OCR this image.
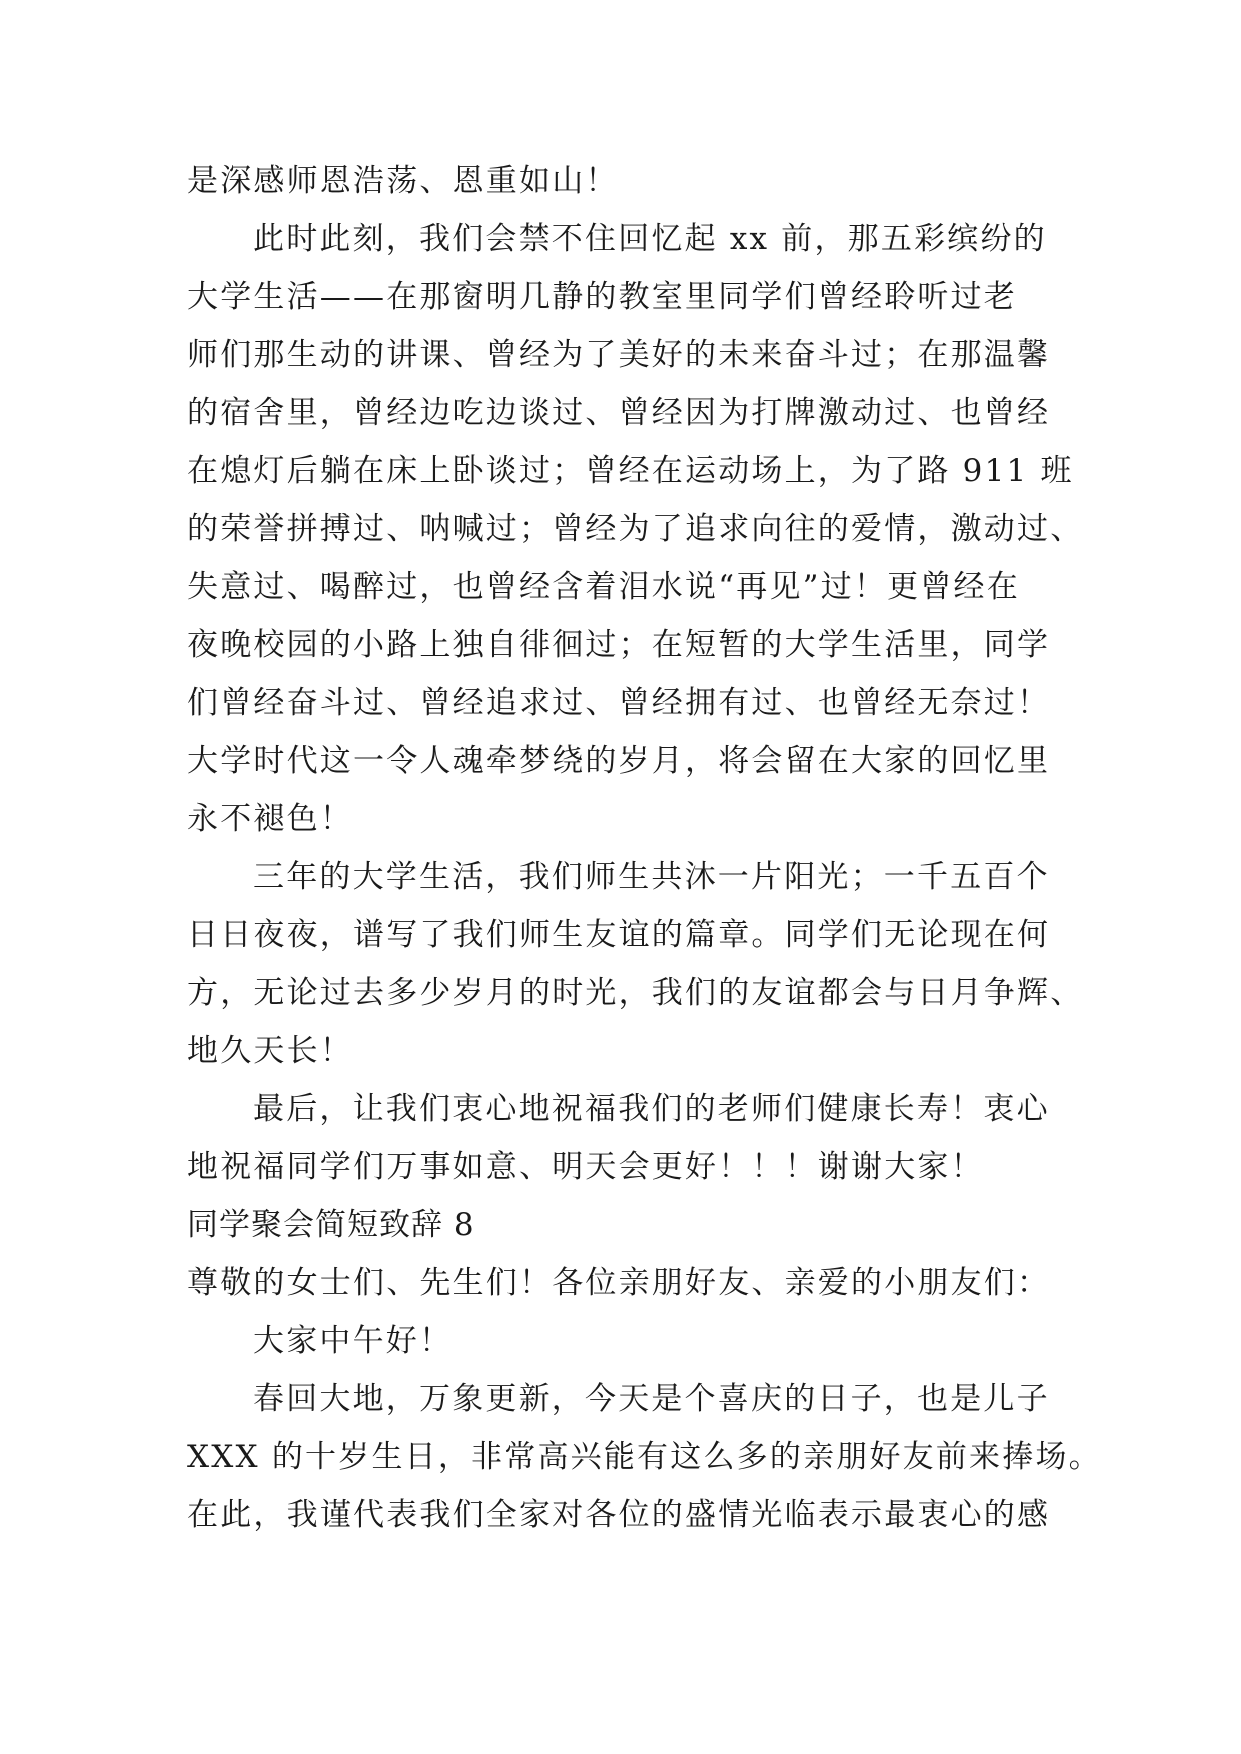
是深感师恩浩荡、恩重如山！
此时此刻，我们会禁不住回忆起 xx 前，那五彩缤纷的
大学生活——在那窗明几静的教室里同学们曾经聆听过老
师们那生动的讲课、曾经为了美好的未来奋斗过；在那温馨
的宿舍里，曾经边吃边谈过、曾经因为打牌激动过、也曾经
在熄灯后躺在床上卧谈过；曾经在运动场上，为了路 911 班
的荣誉拼搏过、呐喊过；曾经为了追求向往的爱情，激动过、
失意过、喝醉过，也曾经含着泪水说“再见”过！更曾经在
夜晚校园的小路上独自徘徊过；在短暂的大学生活里，同学
们曾经奋斗过、曾经追求过、曾经拥有过、也曾经无奈过！
大学时代这一令人魂牵梦绕的岁月，将会留在大家的回忆里
永不褪色！
三年的大学生活，我们师生共沐一片阳光；一千五百个
日日夜夜，谱写了我们师生友谊的篇章。同学们无论现在何
方，无论过去多少岁月的时光，我们的友谊都会与日月争辉、
地久天长！
最后，让我们衷心地祝福我们的老师们健康长寿！衷心
地祝福同学们万事如意、明天会更好！！！谢谢大家！
同学聚会简短致辞 8
尊敬的女士们、先生们！各位亲朋好友、亲爱的小朋友们：
大家中午好！
春回大地，万象更新，今天是个喜庆的日子，也是儿子
XXX 的十岁生日，非常高兴能有这么多的亲朋好友前来捧场。
在此，我谨代表我们全家对各位的盛情光临表示最衷心的感
